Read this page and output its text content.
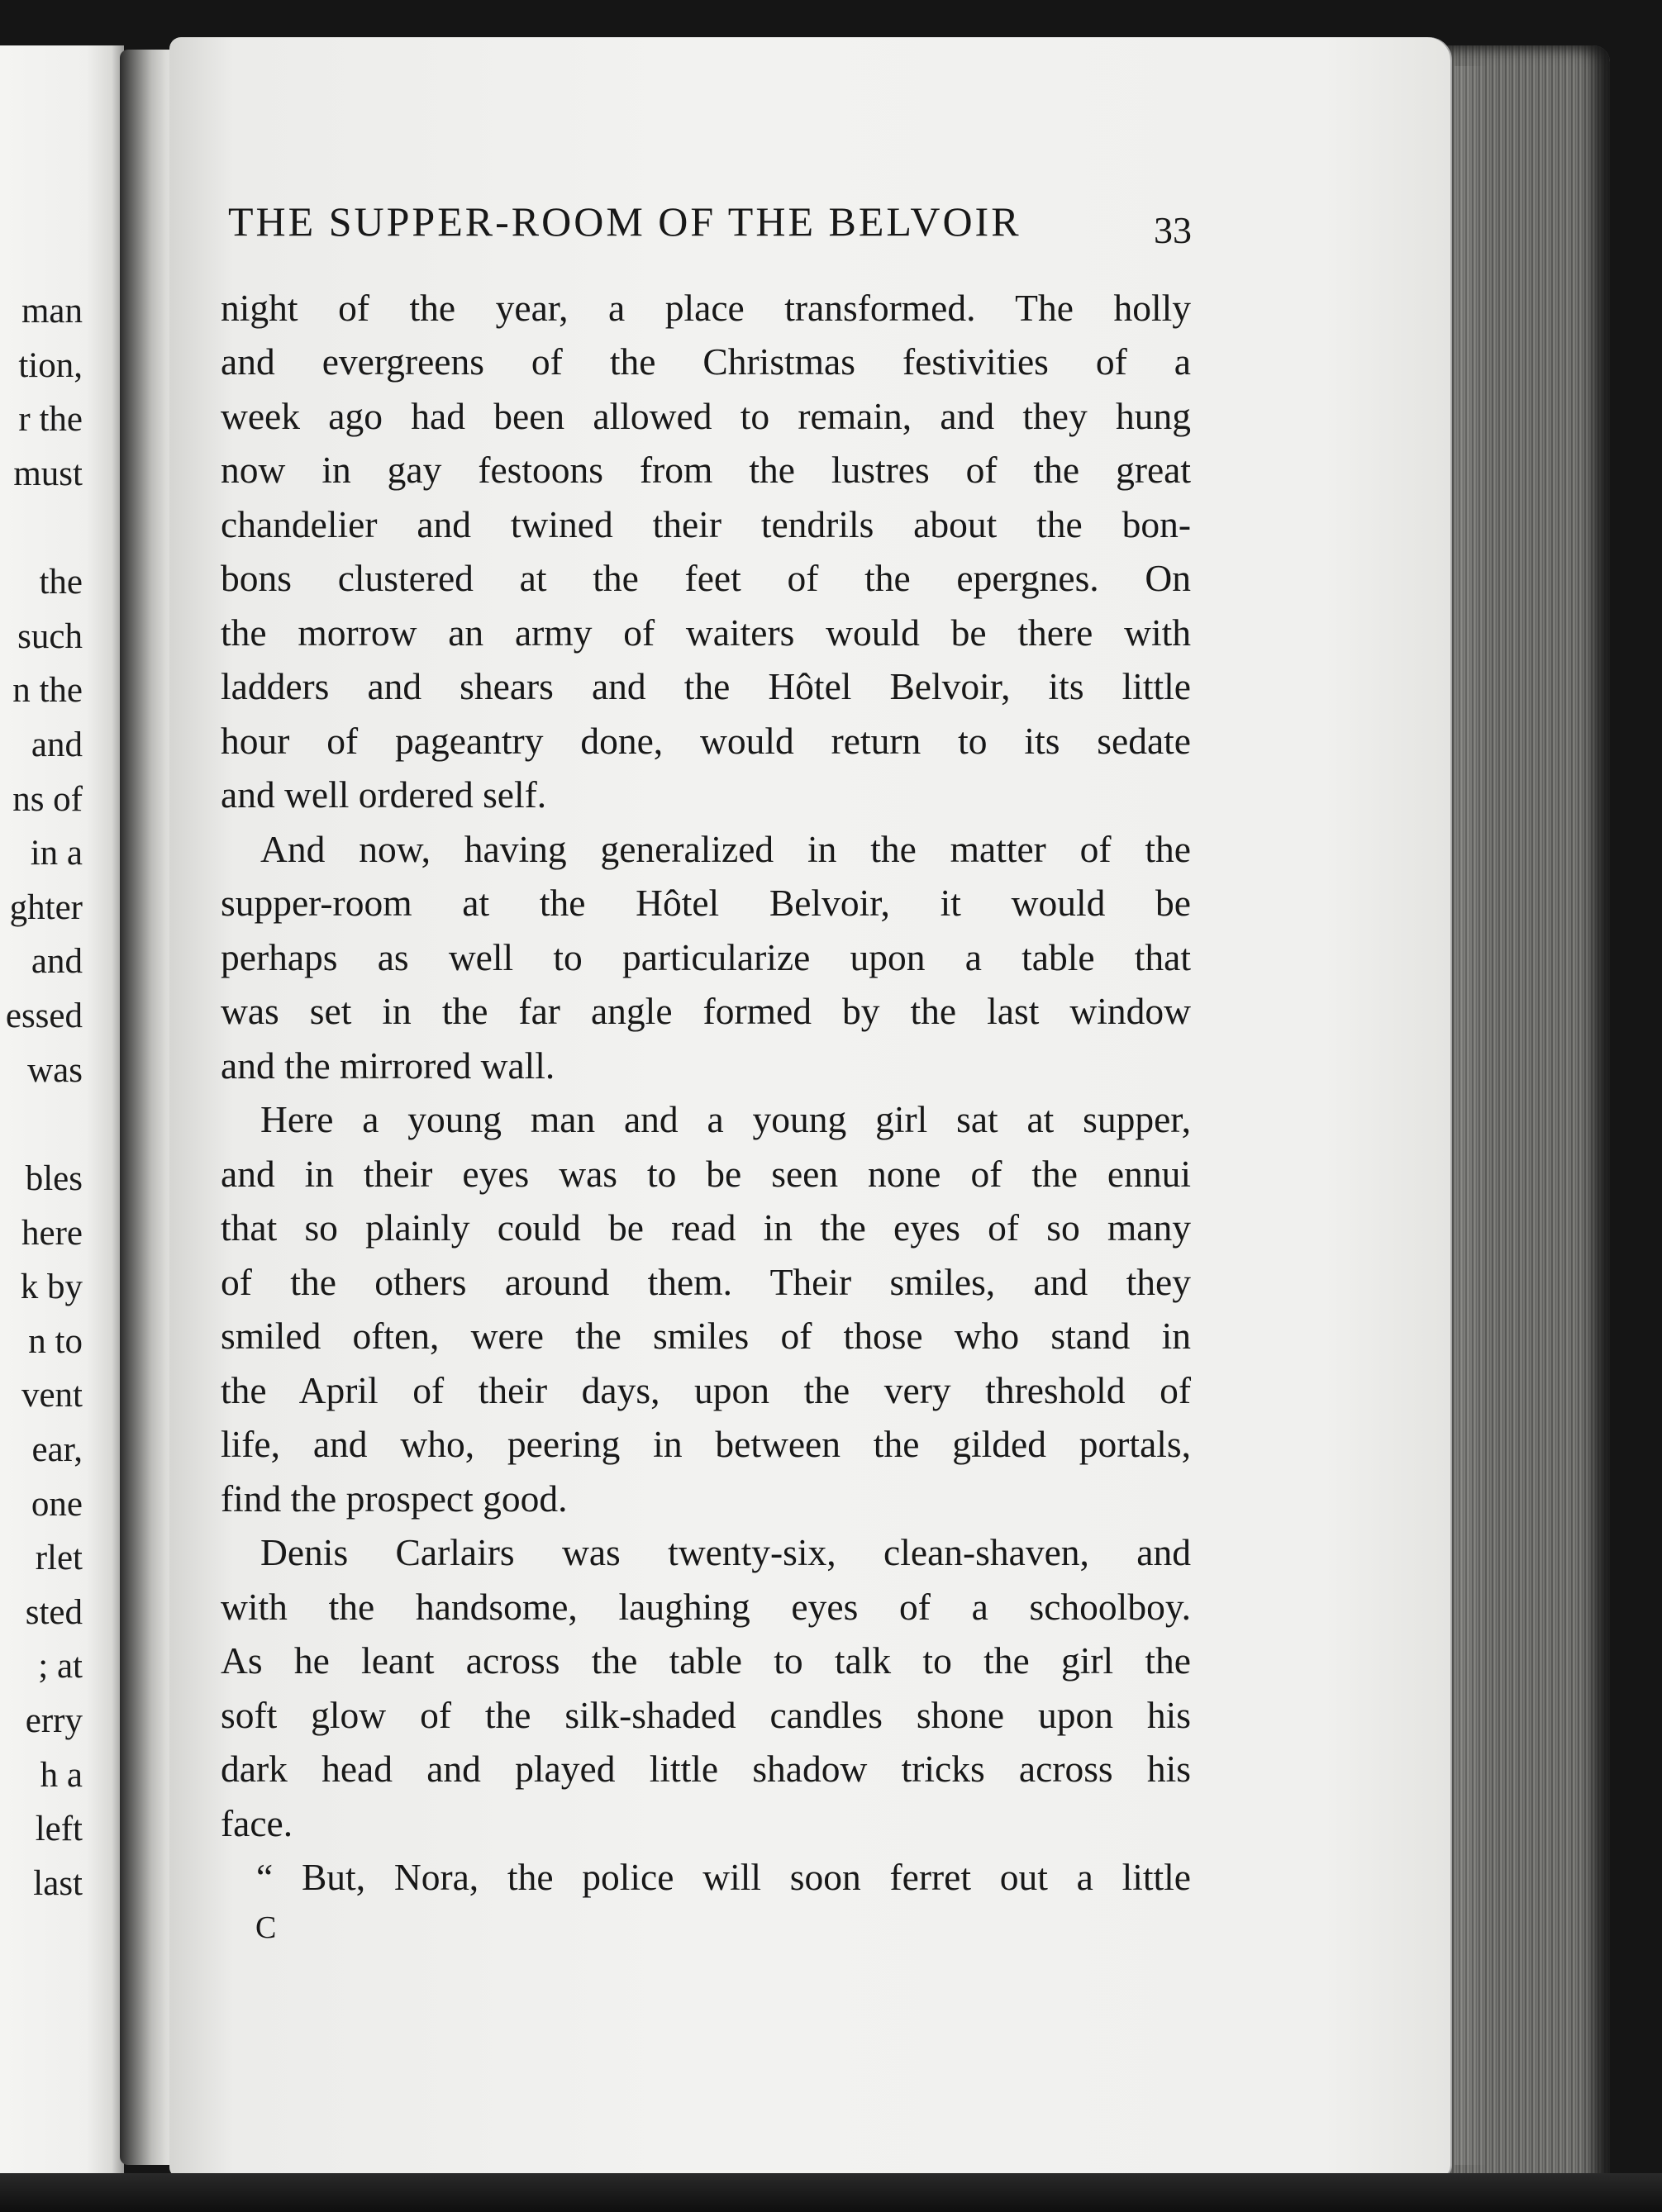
man
tion,
r the
must
the
such
n the
and
ns of
in a
ghter
and
essed
was
bles
here
k by
n to
vent
ear,
one
rlet
sted
; at
erry
h a
left
last
THE SUPPER-ROOM OF THE BELVOIR	33
night of the year, a place transformed. The holly
and evergreens of the Christmas festivities of a
week ago had been allowed to remain, and they hung
now in gay festoons from the lustres of the great
chandelier and twined their tendrils about the bon-
bons clustered at the feet of the epergnes. On
the morrow an army of waiters would be there with
ladders and shears and the Hôtel Belvoir, its little
hour of pageantry done, would return to its sedate
and well ordered self.
And now, having generalized in the matter of the
supper-room at the Hôtel Belvoir, it would be
perhaps as well to particularize upon a table that
was set in the far angle formed by the last window
and the mirrored wall.
Here a young man and a young girl sat at supper,
and in their eyes was to be seen none of the ennui
that so plainly could be read in the eyes of so many
of the others around them. Their smiles, and they
smiled often, were the smiles of those who stand in
the April of their days, upon the very threshold of
life, and who, peering in between the gilded portals,
find the prospect good.
Denis Carlairs was twenty-six, clean-shaven, and
with the handsome, laughing eyes of a schoolboy.
As he leant across the table to talk to the girl the
soft glow of the silk-shaded candles shone upon his
dark head and played little shadow tricks across his
face.
“ But, Nora, the police will soon ferret out a little
C
